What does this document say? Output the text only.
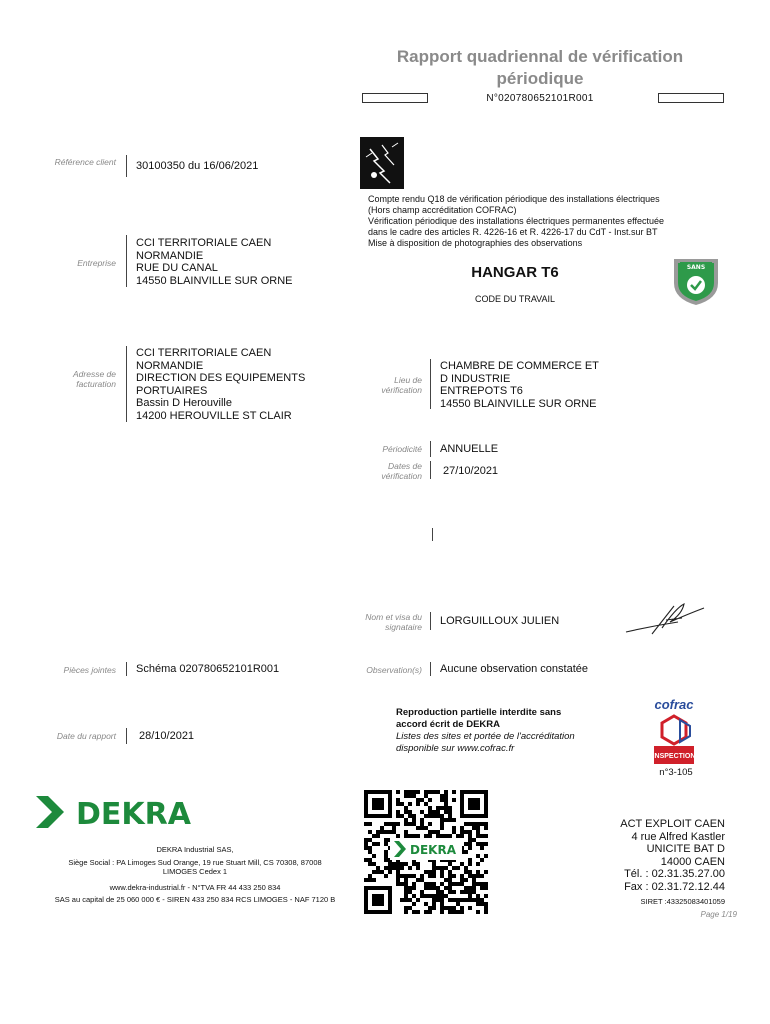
Rapport quadriennal de vérification
périodique
N°020780652101R001
Référence client 30100350 du 16/06/2021
Compte rendu Q18 de vérification périodique des installations électriques
(Hors champ accréditation COFRAC)
Vérification périodique des installations électriques permanentes effectuée
dans le cadre des articles R. 4226-16 et R. 4226-17 du CdT - Inst.sur BT
Mise à disposition de photographies des observations
Entreprise
CCI TERRITORIALE CAEN
NORMANDIE
RUE DU CANAL
14550 BLAINVILLE SUR ORNE	HANGAR T6
CODE DU TRAVAIL
SANS
Adresse de facturation
CCI TERRITORIALE CAEN
NORMANDIE
DIRECTION DES EQUIPEMENTS
PORTUAIRES
Bassin D Herouville
14200 HEROUVILLE ST CLAIR
Lieu de vérification
CHAMBRE DE COMMERCE ET
D INDUSTRIE
ENTREPOTS T6
14550 BLAINVILLE SUR ORNE
Périodicité ANNUELLE
Dates de vérification 27/10/2021
Nom et visa du signataire LORGUILLOUX JULIEN
Pièces jointes Schéma 020780652101R001	Observation(s) Aucune observation constatée
Reproduction partielle interdite sans
accord écrit de DEKRA
Listes des sites et portée de l'accréditation
disponible sur www.cofrac.fr
cofrac
INSPECTION
n°3-105
Date du rapport 28/10/2021
DEKRA
DEKRA Industrial SAS,
Siège Social : PA Limoges Sud Orange, 19 rue Stuart Mill, CS 70308, 87008
LIMOGES Cedex 1
www.dekra-industrial.fr - N°TVA FR 44 433 250 834
SAS au capital de 25 060 000 € - SIREN 433 250 834 RCS LIMOGES - NAF 7120 B
DEKRA
ACT EXPLOIT CAEN
4 rue Alfred Kastler
UNICITE BAT D
14000 CAEN
Tél. : 02.31.35.27.00
Fax : 02.31.72.12.44
SIRET :43325083401059
Page 1/19
